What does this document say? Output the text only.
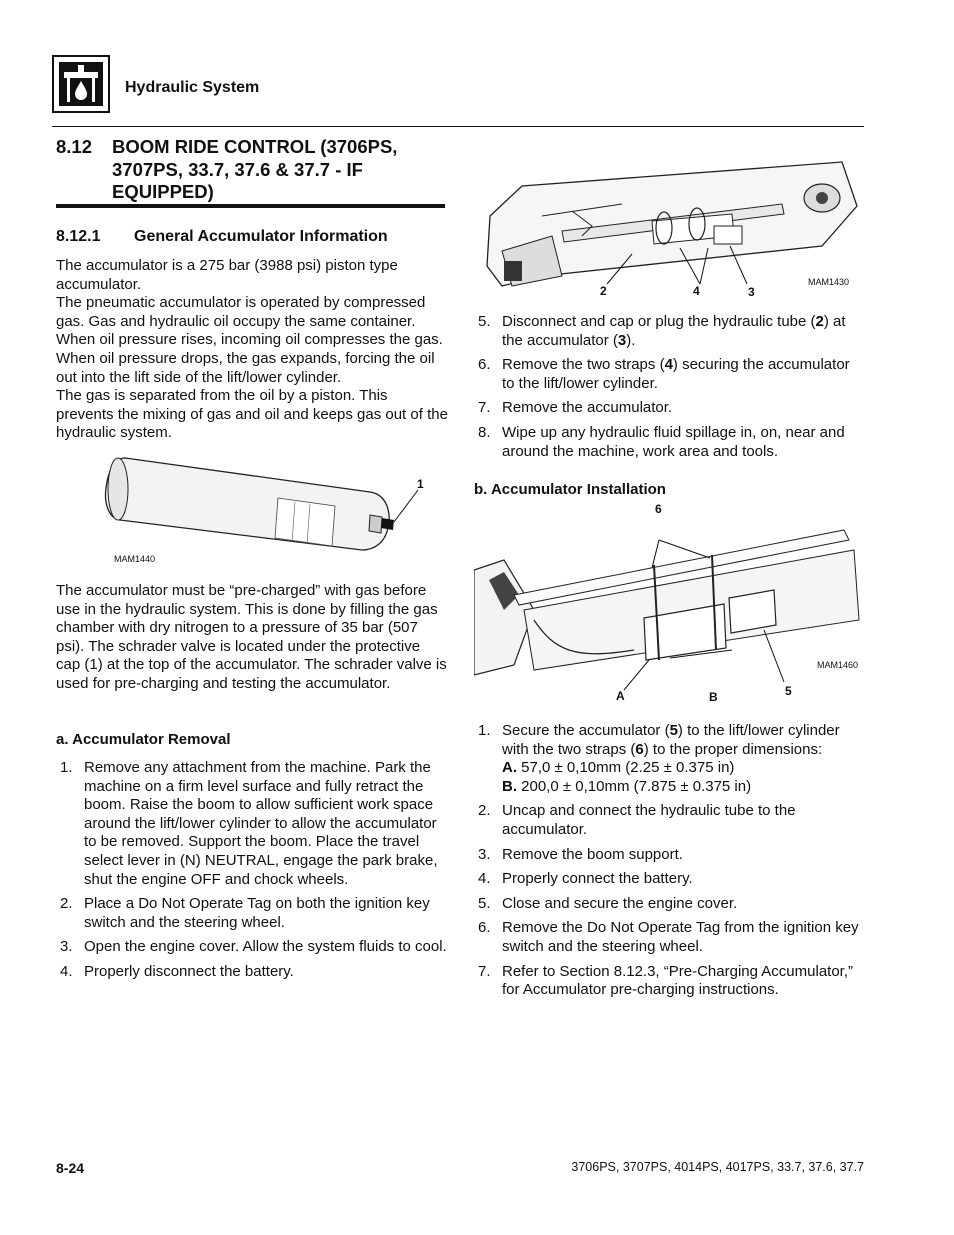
Hydraulic System
8.12 BOOM RIDE CONTROL (3706PS, 3707PS, 33.7, 37.6 & 37.7 - IF EQUIPPED)
8.12.1 General Accumulator Information
The accumulator is a 275 bar (3988 psi) piston type accumulator.
The pneumatic accumulator is operated by compressed gas. Gas and hydraulic oil occupy the same container. When oil pressure rises, incoming oil compresses the gas. When oil pressure drops, the gas expands, forcing the oil out into the lift side of the lift/lower cylinder.
The gas is separated from the oil by a piston. This prevents the mixing of gas and oil and keeps gas out of the hydraulic system.
1
MAM1440
The accumulator must be “pre-charged” with gas before use in the hydraulic system. This is done by filling the gas chamber with dry nitrogen to a pressure of 35 bar (507 psi). The schrader valve is located under the protective cap (1) at the top of the accumulator. The schrader valve is used for pre-charging and testing the accumulator.
a. Accumulator Removal
1. Remove any attachment from the machine. Park the machine on a firm level surface and fully retract the boom. Raise the boom to allow sufficient work space around the lift/lower cylinder to allow the accumulator to be removed. Support the boom. Place the travel select lever in (N) NEUTRAL, engage the park brake, shut the engine OFF and chock wheels.
2. Place a Do Not Operate Tag on both the ignition key switch and the steering wheel.
3. Open the engine cover. Allow the system fluids to cool.
4. Properly disconnect the battery.
2	4	3
MAM1430
5. Disconnect and cap or plug the hydraulic tube (2) at the accumulator (3).
6. Remove the two straps (4) securing the accumulator to the lift/lower cylinder.
7. Remove the accumulator.
8. Wipe up any hydraulic fluid spillage in, on, near and around the machine, work area and tools.
b. Accumulator Installation
6
A	B	5
MAM1460
1. Secure the accumulator (5) to the lift/lower cylinder with the two straps (6) to the proper dimensions:
A. 57,0 ± 0,10mm (2.25 ± 0.375 in)
B. 200,0 ± 0,10mm (7.875 ± 0.375 in)
2. Uncap and connect the hydraulic tube to the accumulator.
3. Remove the boom support.
4. Properly connect the battery.
5. Close and secure the engine cover.
6. Remove the Do Not Operate Tag from the ignition key switch and the steering wheel.
7. Refer to Section 8.12.3, “Pre-Charging Accumulator,” for Accumulator pre-charging instructions.
8-24	3706PS, 3707PS, 4014PS, 4017PS, 33.7, 37.6, 37.7
